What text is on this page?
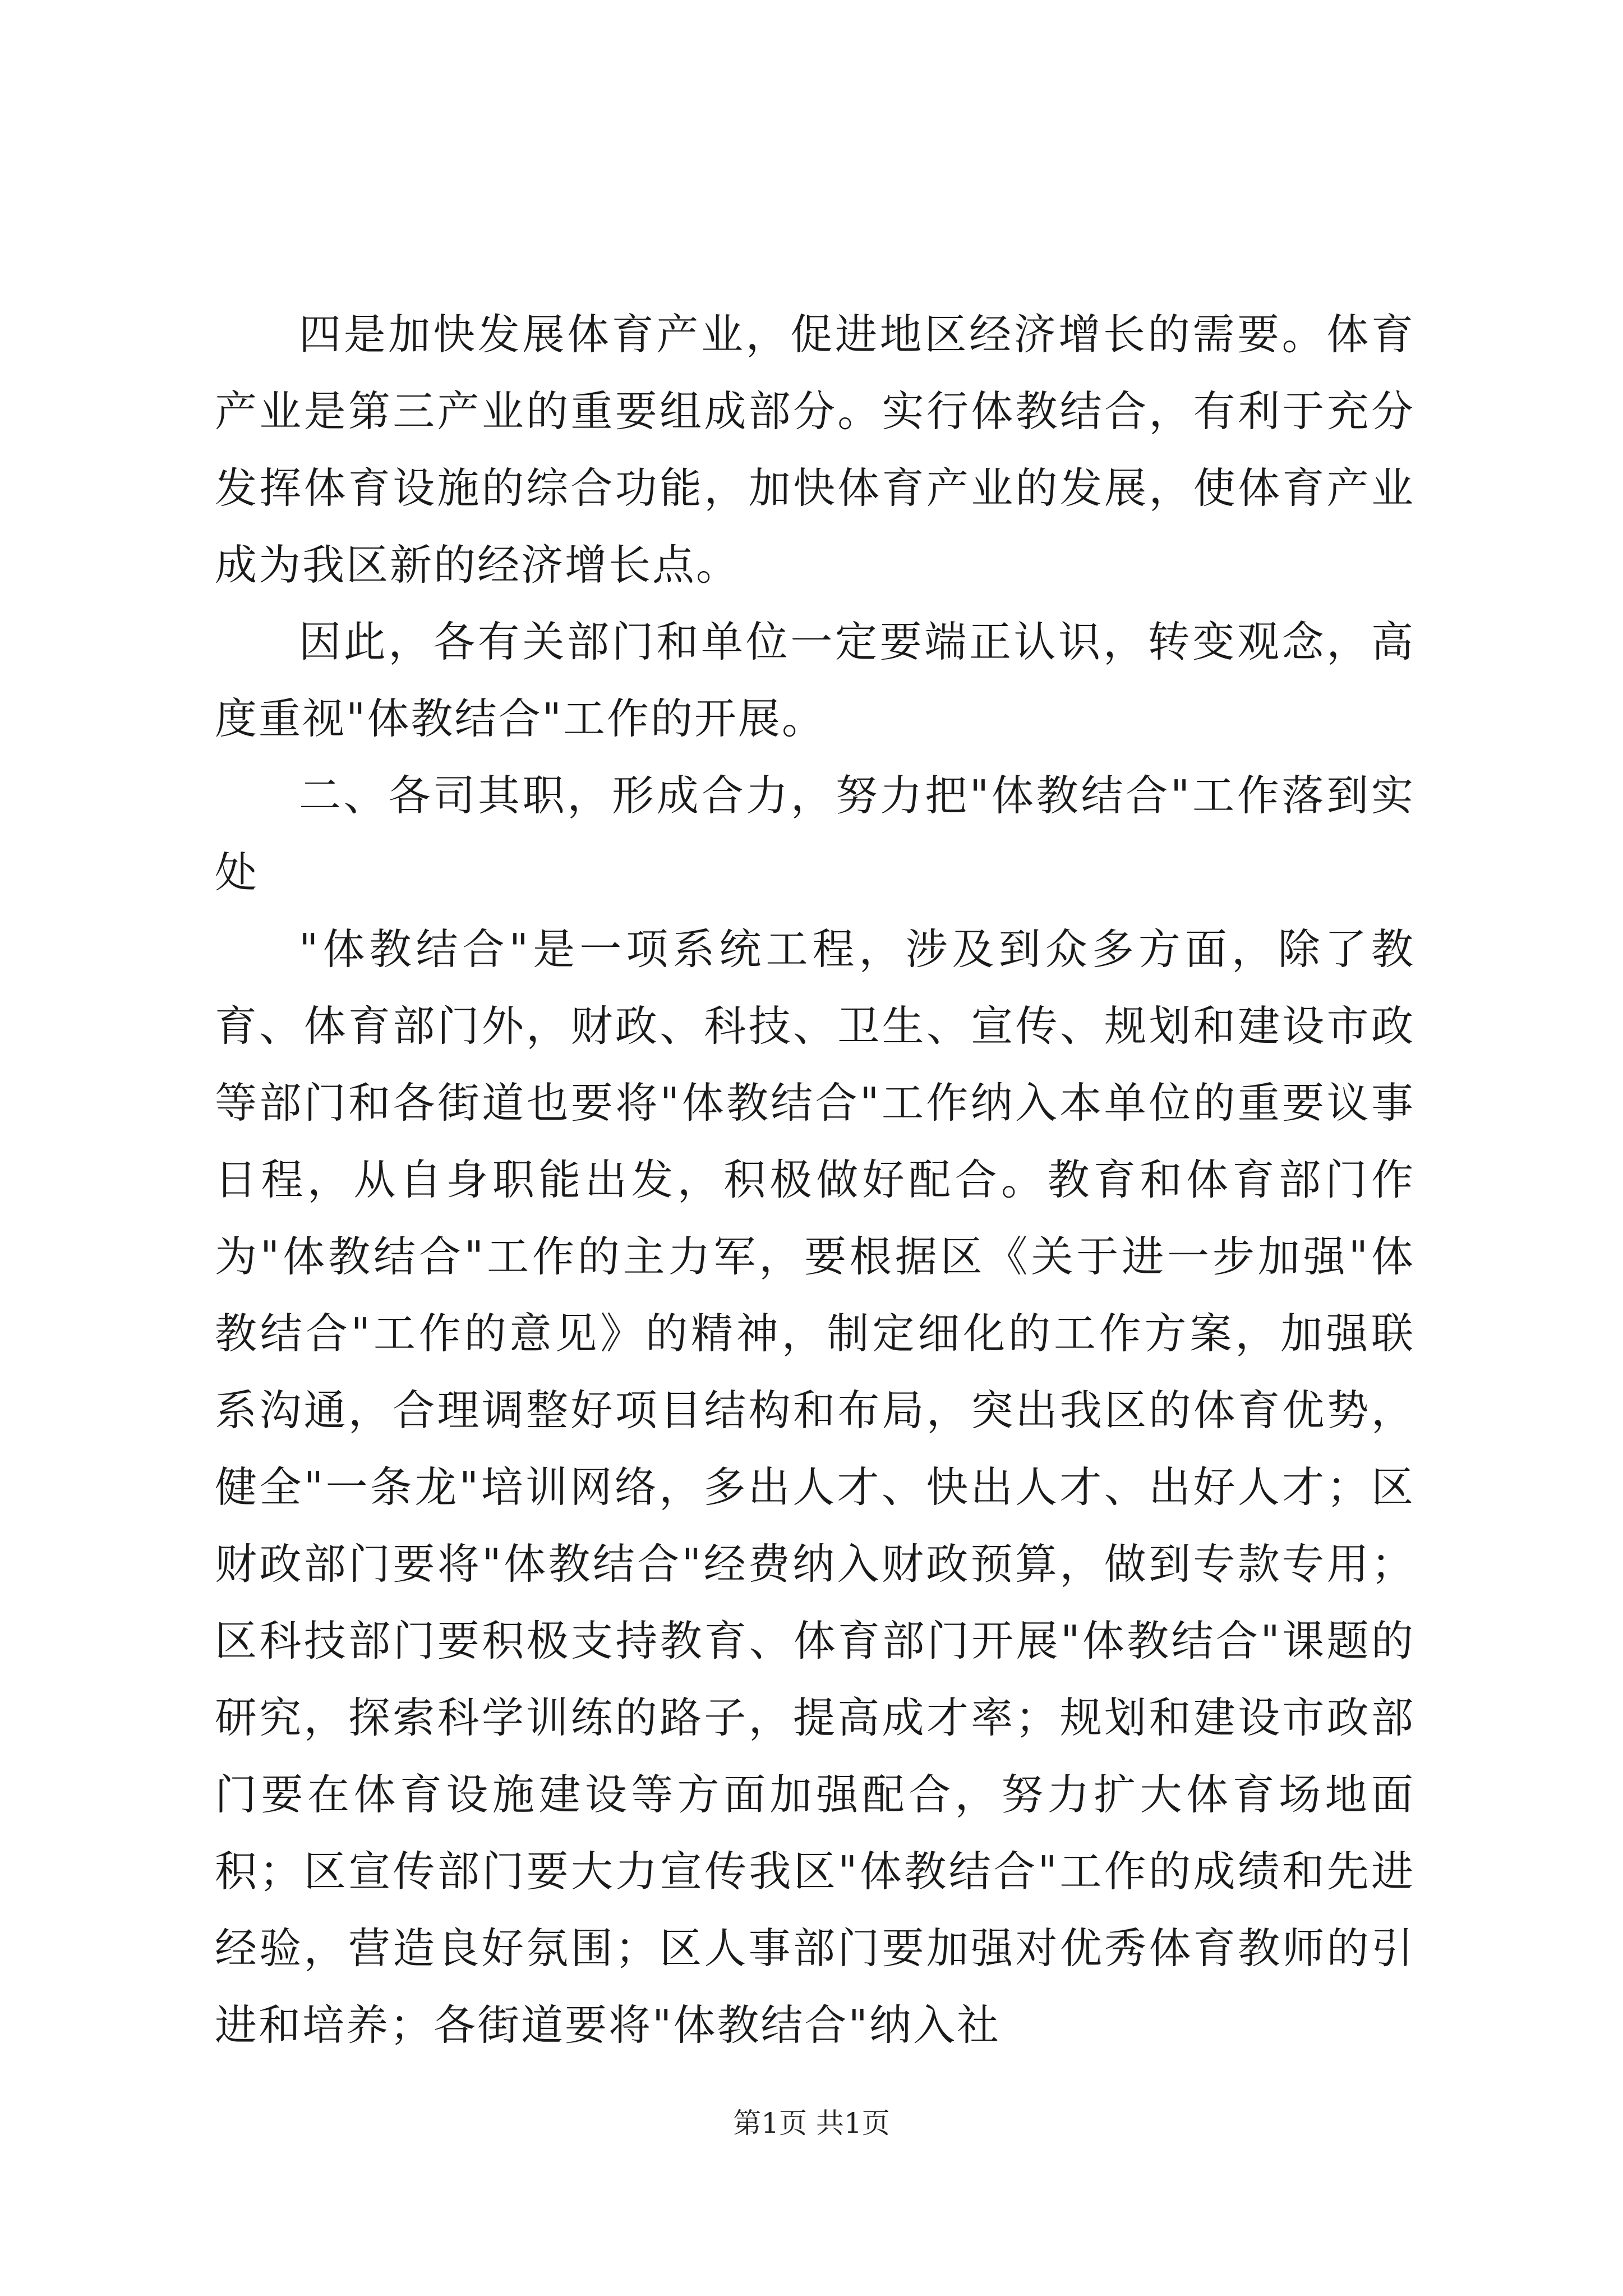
四是加快发展体育产业，促进地区经济增长的需要。体育产业是第三产业的重要组成部分。实行体教结合，有利于充分发挥体育设施的综合功能，加快体育产业的发展，使体育产业成为我区新的经济增长点。

因此，各有关部门和单位一定要端正认识，转变观念，高度重视"体教结合"工作的开展。

二、各司其职，形成合力，努力把"体教结合"工作落到实处

"体教结合"是一项系统工程，涉及到众多方面，除了教育、体育部门外，财政、科技、卫生、宣传、规划和建设市政等部门和各街道也要将"体教结合"工作纳入本单位的重要议事日程，从自身职能出发，积极做好配合。教育和体育部门作为"体教结合"工作的主力军，要根据区《关于进一步加强"体教结合"工作的意见》的精神，制定细化的工作方案，加强联系沟通，合理调整好项目结构和布局，突出我区的体育优势，健全"一条龙"培训网络，多出人才、快出人才、出好人才；区财政部门要将"体教结合"经费纳入财政预算，做到专款专用；区科技部门要积极支持教育、体育部门开展"体教结合"课题的研究，探索科学训练的路子，提高成才率；规划和建设市政部门要在体育设施建设等方面加强配合，努力扩大体育场地面积；区宣传部门要大力宣传我区"体教结合"工作的成绩和先进经验，营造良好氛围；区人事部门要加强对优秀体育教师的引进和培养；各街道要将"体教结合"纳入社

第1页 共1页
